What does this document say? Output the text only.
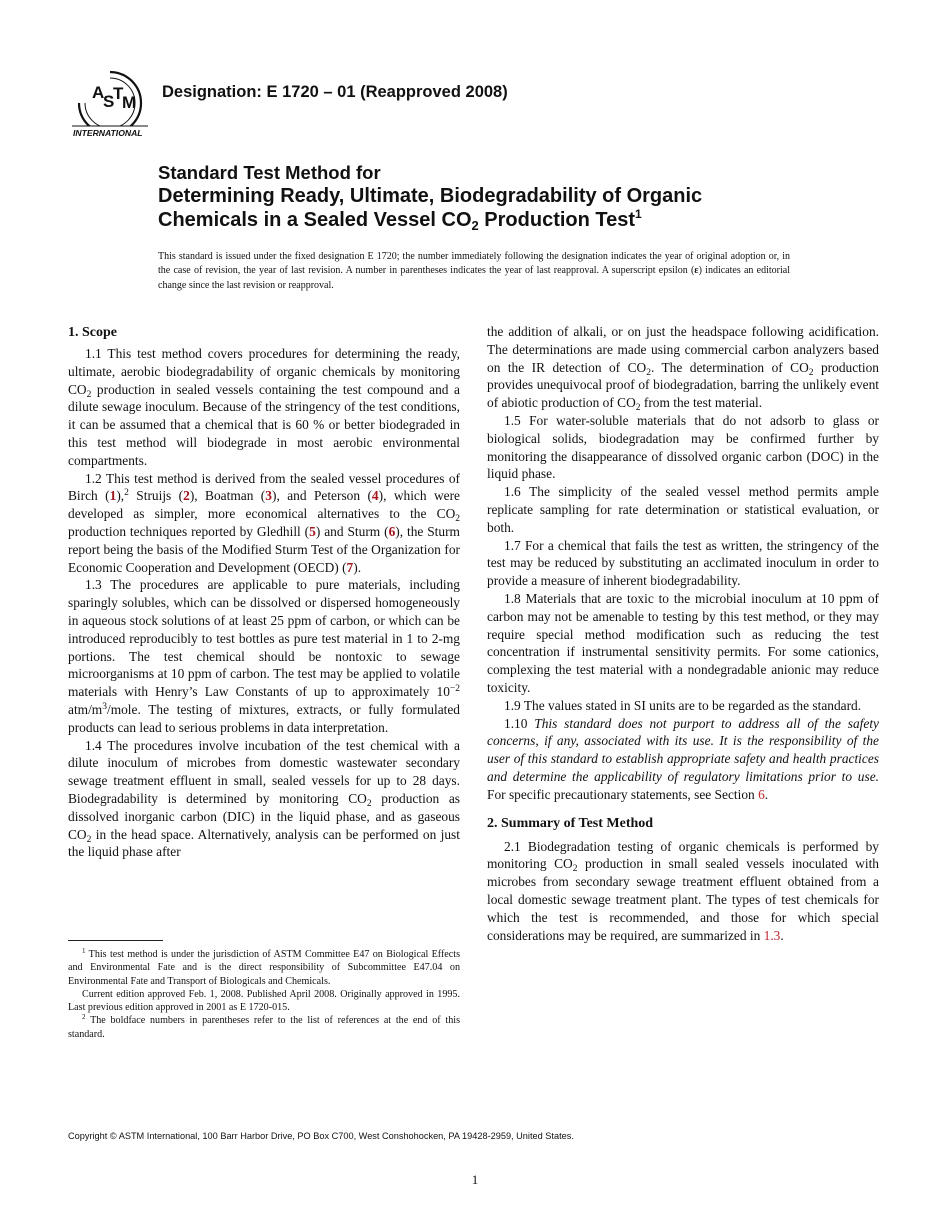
A
S
T
M
INTERNATIONAL
Designation: E 1720 – 01 (Reapproved 2008)
Standard Test Method for
Determining Ready, Ultimate, Biodegradability of Organic
Chemicals in a Sealed Vessel $CO_2$ Production Test$^1$
This standard is issued under the fixed designation E 1720; the number immediately following the designation indicates the year of original adoption or, in the case of revision, the year of last revision. A number in parentheses indicates the year of last reapproval. A superscript epsilon (ε) indicates an editorial change since the last revision or reapproval.
1. Scope

1.1 This test method covers procedures for determining the ready, ultimate, aerobic biodegradability of organic chemicals by monitoring $CO_2$ production in sealed vessels containing the test compound and a dilute sewage inoculum. Because of the stringency of the test conditions, it can be assumed that a chemical that is 60 % or better biodegraded in this test method will biodegrade in most aerobic environmental compartments.

1.2 This test method is derived from the sealed vessel procedures of Birch (1),$^2$ Struijs (2), Boatman (3), and Peterson (4), which were developed as simpler, more economical alternatives to the $CO_2$ production techniques reported by Gledhill (5) and Sturm (6), the Sturm report being the basis of the Modified Sturm Test of the Organization for Economic Cooperation and Development (OECD) (7).

1.3 The procedures are applicable to pure materials, including sparingly solubles, which can be dissolved or dispersed homogeneously in aqueous stock solutions of at least 25 ppm of carbon, or which can be introduced reproducibly to test bottles as pure test material in 1 to 2-mg portions. The test chemical should be nontoxic to sewage microorganisms at 10 ppm of carbon. The test may be applied to volatile materials with Henry’s Law Constants of up to approximately $10^{-2}$ atm/$m^3$/mole. The testing of mixtures, extracts, or fully formulated products can lead to serious problems in data interpretation.

1.4 The procedures involve incubation of the test chemical with a dilute inoculum of microbes from domestic wastewater secondary sewage treatment effluent in small, sealed vessels for up to 28 days. Biodegradability is determined by monitoring $CO_2$ production as dissolved inorganic carbon (DIC) in the liquid phase, and as gaseous $CO_2$ in the head space. Alternatively, analysis can be performed on just the liquid phase after

the addition of alkali, or on just the headspace following acidification. The determinations are made using commercial carbon analyzers based on the IR detection of $CO_2$. The determination of $CO_2$ production provides unequivocal proof of biodegradation, barring the unlikely event of abiotic production of $CO_2$ from the test material.

1.5 For water-soluble materials that do not adsorb to glass or biological solids, biodegradation may be confirmed further by monitoring the disappearance of dissolved organic carbon (DOC) in the liquid phase.

1.6 The simplicity of the sealed vessel method permits ample replicate sampling for rate determination or statistical evaluation, or both.

1.7 For a chemical that fails the test as written, the stringency of the test may be reduced by substituting an acclimated inoculum in order to provide a measure of inherent biodegradability.

1.8 Materials that are toxic to the microbial inoculum at 10 ppm of carbon may not be amenable to testing by this test method, or they may require special method modification such as reducing the test concentration if instrumental sensitivity permits. For some cationics, complexing the test material with a nondegradable anionic may reduce toxicity.

1.9 The values stated in SI units are to be regarded as the standard.

1.10 This standard does not purport to address all of the safety concerns, if any, associated with its use. It is the responsibility of the user of this standard to establish appropriate safety and health practices and determine the applicability of regulatory limitations prior to use. For specific precautionary statements, see Section 6.

2. Summary of Test Method

2.1 Biodegradation testing of organic chemicals is performed by monitoring $CO_2$ production in small sealed vessels inoculated with microbes from secondary sewage treatment effluent obtained from a local domestic sewage treatment plant. The types of test chemicals for which the test is recommended, and those for which special considerations may be required, are summarized in 1.3.

$^1$ This test method is under the jurisdiction of ASTM Committee E47 on Biological Effects and Environmental Fate and is the direct responsibility of Subcommittee E47.04 on Environmental Fate and Transport of Biologicals and Chemicals.

Current edition approved Feb. 1, 2008. Published April 2008. Originally approved in 1995. Last previous edition approved in 2001 as E 1720-015.

$^2$ The boldface numbers in parentheses refer to the list of references at the end of this standard.

Copyright © ASTM International, 100 Barr Harbor Drive, PO Box C700, West Conshohocken, PA 19428-2959, United States.
1
